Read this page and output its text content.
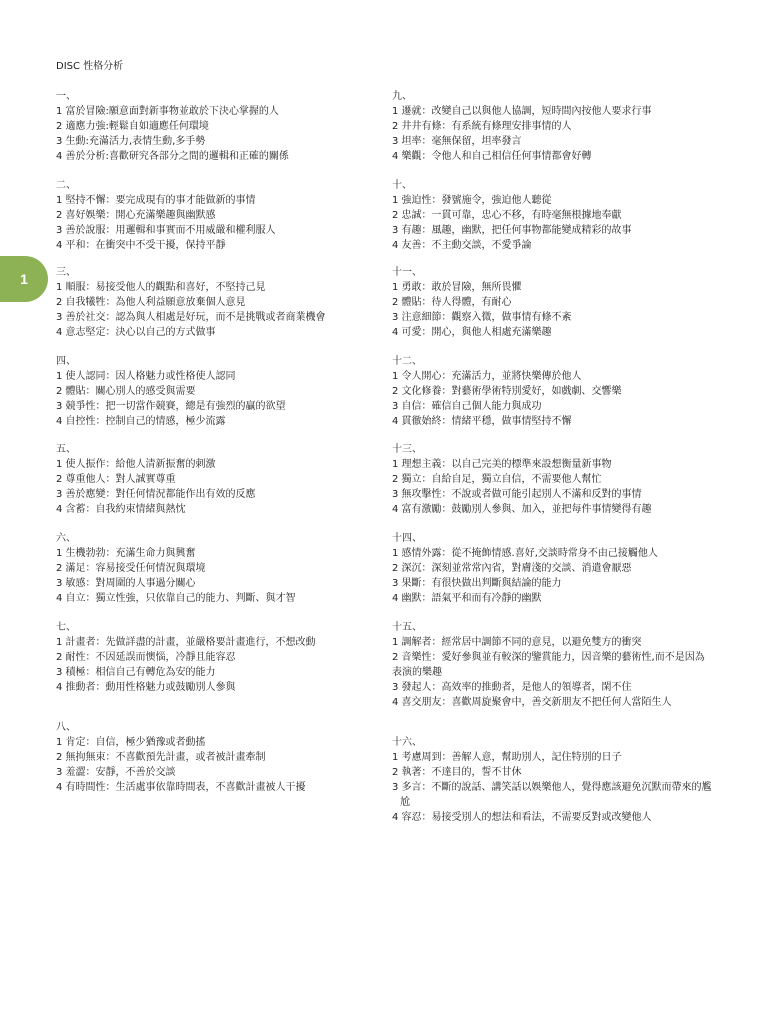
DISC 性格分析
1
一、
1 富於冒險:願意面對新事物並敢於下決心掌握的人
2 適應力強:輕鬆自如適應任何環境
3 生動:充滿活力,表情生動,多手勢
4 善於分析:喜歡研究各部分之間的邏輯和正確的關係
二、
1 堅持不懈：要完成現有的事才能做新的事情
2 喜好娛樂：開心充滿樂趣與幽默感
3 善於說服：用邏輯和事實而不用威嚴和權利服人
4 平和：在衝突中不受干擾，保持平靜
三、
1 順服：易接受他人的觀點和喜好，不堅持己見
2 自我犧牲：為他人利益願意放棄個人意見
3 善於社交：認為與人相處是好玩，而不是挑戰或者商業機會
4 意志堅定：決心以自己的方式做事
四、
1 使人認同：因人格魅力或性格使人認同
2 體貼：關心別人的感受與需要
3 競爭性：把一切當作競賽，總是有強烈的贏的欲望
4 自控性：控制自己的情感，極少流露
五、
1 使人振作：給他人清新振奮的刺激
2 尊重他人：對人誠實尊重
3 善於應變：對任何情況都能作出有效的反應
4 含蓄：自我約束情緒與熱忱
六、
1 生機勃勃：充滿生命力與興奮
2 滿足：容易接受任何情況與環境
3 敏感：對周圍的人事過分關心
4 自立：獨立性強，只依靠自己的能力、判斷、與才智
七、
1 計畫者：先做詳盡的計畫，並嚴格要計畫進行，不想改動
2 耐性：不因延誤而懊惱，冷靜且能容忍
3 積極：相信自己有轉危為安的能力
4 推動者：動用性格魅力或鼓勵別人參與
八、
1 肯定：自信，極少猶豫或者動搖
2 無拘無束：不喜歡預先計畫，或者被計畫牽制
3 羞澀：安靜，不善於交談
4 有時間性：生活處事依靠時間表，不喜歡計畫被人干擾
九、
1 遷就：改變自己以與他人協調，短時間內按他人要求行事
2 井井有條：有系統有條理安排事情的人
3 坦率：毫無保留，坦率發言
4 樂觀：令他人和自己相信任何事情都會好轉
十、
1 強迫性：發號施令，強迫他人聽從
2 忠誠：一貫可靠，忠心不移，有時毫無根據地奉獻
3 有趣：風趣，幽默，把任何事物都能變成精彩的故事
4 友善：不主動交談，不愛爭論
十一、
1 勇敢：敢於冒險，無所畏懼
2 體貼：待人得體，有耐心
3 注意細節：觀察入微，做事情有條不紊
4 可愛：開心，與他人相處充滿樂趣
十二、
1 令人開心：充滿活力，並將快樂傳於他人
2 文化修養：對藝術學術特別愛好，如戲劇、交響樂
3 自信：確信自己個人能力與成功
4 貫徹始終：情緒平穩，做事情堅持不懈
十三、
1 理想主義：以自己完美的標準來設想衡量新事物
2 獨立：自給自足，獨立自信，不需要他人幫忙
3 無攻擊性：不說或者做可能引起別人不滿和反對的事情
4 富有激勵：鼓勵別人參與、加入，並把每件事情變得有趣
十四、
1 感情外露：從不掩飾情感.喜好,交談時常身不由己接觸他人
2 深沉：深刻並常常內省，對膚淺的交談、消遣會厭惡
3 果斷：有很快做出判斷與結論的能力
4 幽默：語氣平和而有冷靜的幽默
十五、
1 調解者：經常居中調節不同的意見，以避免雙方的衝突
2 音樂性：愛好參與並有較深的鑒賞能力，因音樂的藝術性,而不是因為表演的樂趣
3 發起人：高效率的推動者，是他人的領導者，閑不住
4 喜交朋友：喜歡周旋聚會中，善交新朋友不把任何人當陌生人
十六、
1 考慮周到：善解人意，幫助別人，記住特別的日子
2 執著：不達目的，誓不甘休
3 多言：不斷的說話、講笑話以娛樂他人，覺得應該避免沉默而帶來的尷尬
4 容忍：易接受別人的想法和看法，不需要反對或改變他人
